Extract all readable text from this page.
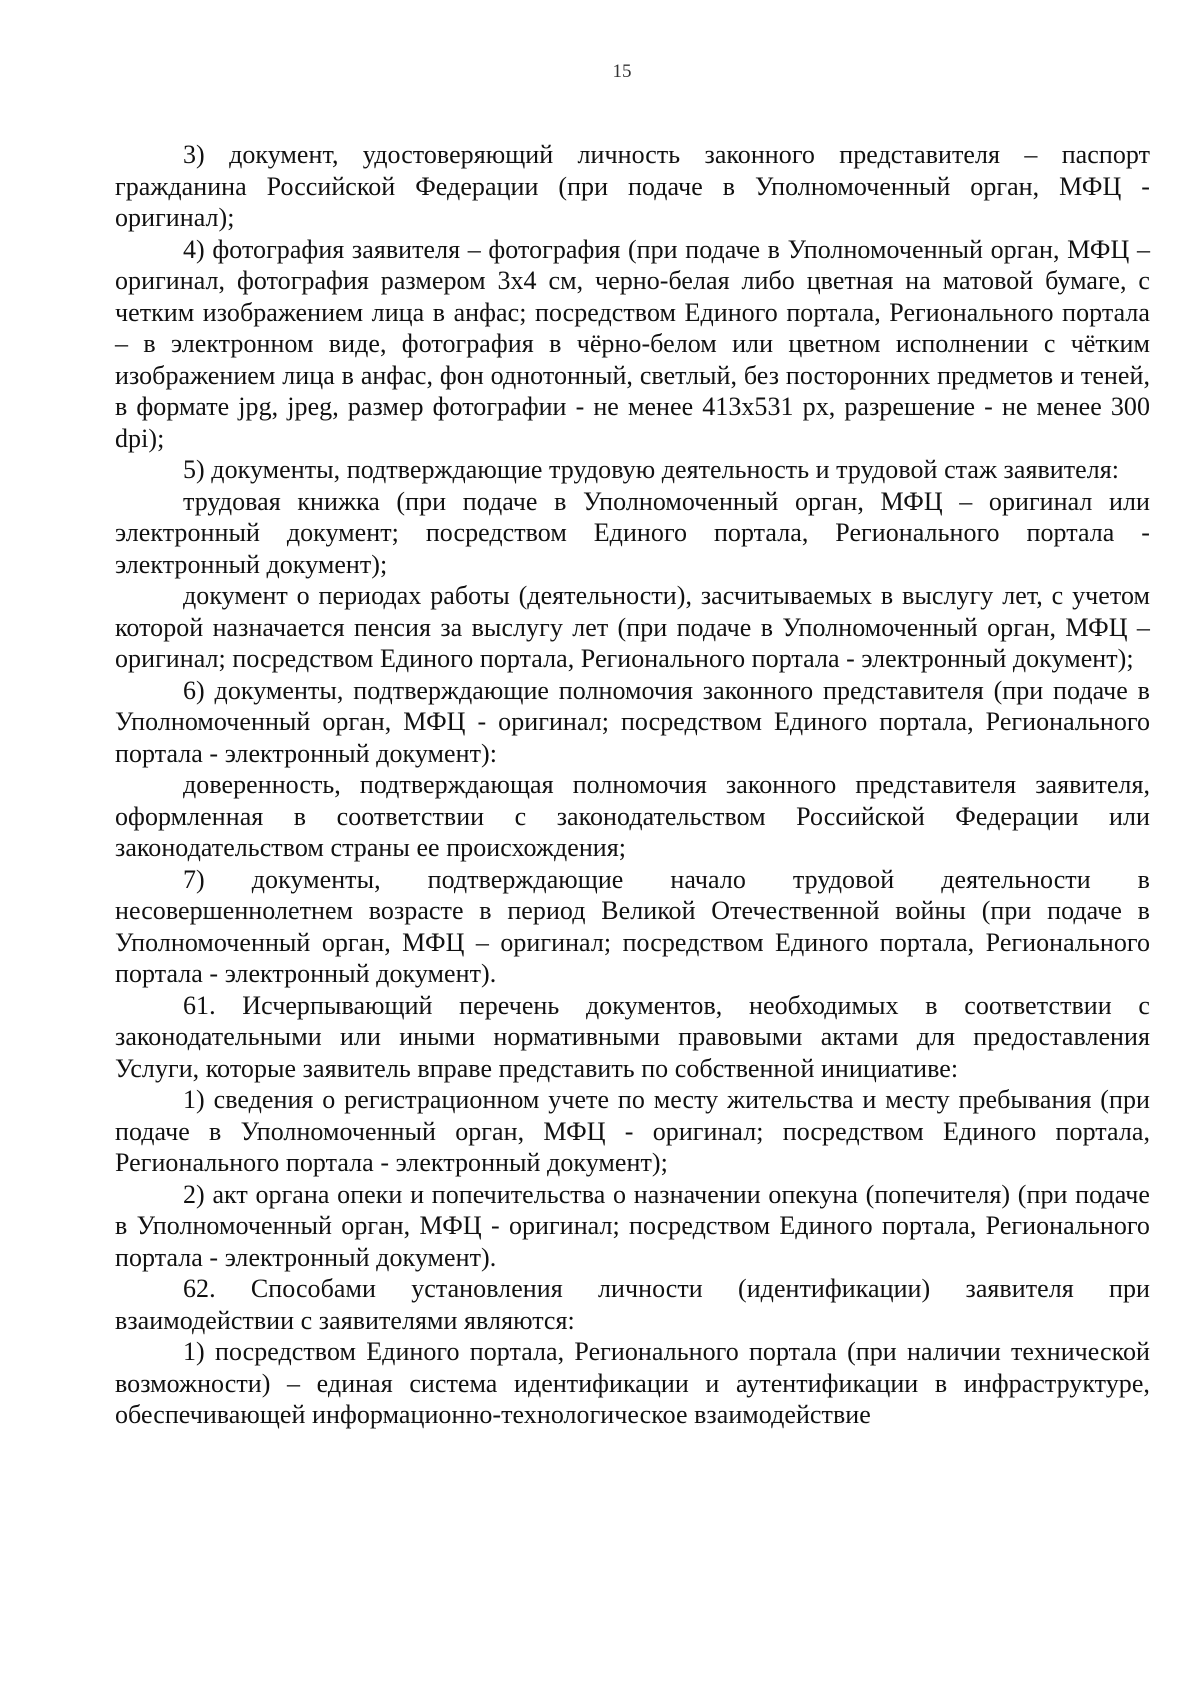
15

3) документ, удостоверяющий личность законного представителя – паспорт гражданина Российской Федерации (при подаче в Уполномоченный орган, МФЦ - оригинал);

4) фотография заявителя – фотография (при подаче в Уполномоченный орган, МФЦ – оригинал, фотография размером 3х4 см, черно-белая либо цветная на матовой бумаге, с четким изображением лица в анфас; посредством Единого портала, Регионального портала – в электронном виде, фотография в чёрно-белом или цветном исполнении с чётким изображением лица в анфас, фон однотонный, светлый, без посторонних предметов и теней, в формате jpg, jpeg, размер фотографии - не менее 413х531 px, разрешение - не менее 300 dpi);

5) документы, подтверждающие трудовую деятельность и трудовой стаж заявителя:

трудовая книжка (при подаче в Уполномоченный орган, МФЦ – оригинал или электронный документ; посредством Единого портала, Регионального портала - электронный документ);

документ о периодах работы (деятельности), засчитываемых в выслугу лет, с учетом которой назначается пенсия за выслугу лет (при подаче в Уполномоченный орган, МФЦ – оригинал; посредством Единого портала, Регионального портала - электронный документ);

6) документы, подтверждающие полномочия законного представителя (при подаче в Уполномоченный орган, МФЦ - оригинал; посредством Единого портала, Регионального портала - электронный документ):

доверенность, подтверждающая полномочия законного представителя заявителя, оформленная в соответствии с законодательством Российской Федерации или законодательством страны ее происхождения;

7) документы, подтверждающие начало трудовой деятельности в несовершеннолетнем возрасте в период Великой Отечественной войны (при подаче в Уполномоченный орган, МФЦ – оригинал; посредством Единого портала, Регионального портала - электронный документ).

61. Исчерпывающий перечень документов, необходимых в соответствии с законодательными или иными нормативными правовыми актами для предоставления Услуги, которые заявитель вправе представить по собственной инициативе:

1) сведения о регистрационном учете по месту жительства и месту пребывания (при подаче в Уполномоченный орган, МФЦ - оригинал; посредством Единого портала, Регионального портала - электронный документ);

2) акт органа опеки и попечительства о назначении опекуна (попечителя) (при подаче в Уполномоченный орган, МФЦ - оригинал; посредством Единого портала, Регионального портала - электронный документ).

62. Способами установления личности (идентификации) заявителя при взаимодействии с заявителями являются:

1) посредством Единого портала, Регионального портала (при наличии технической возможности) – единая система идентификации и аутентификации в инфраструктуре, обеспечивающей информационно-технологическое взаимодействие
